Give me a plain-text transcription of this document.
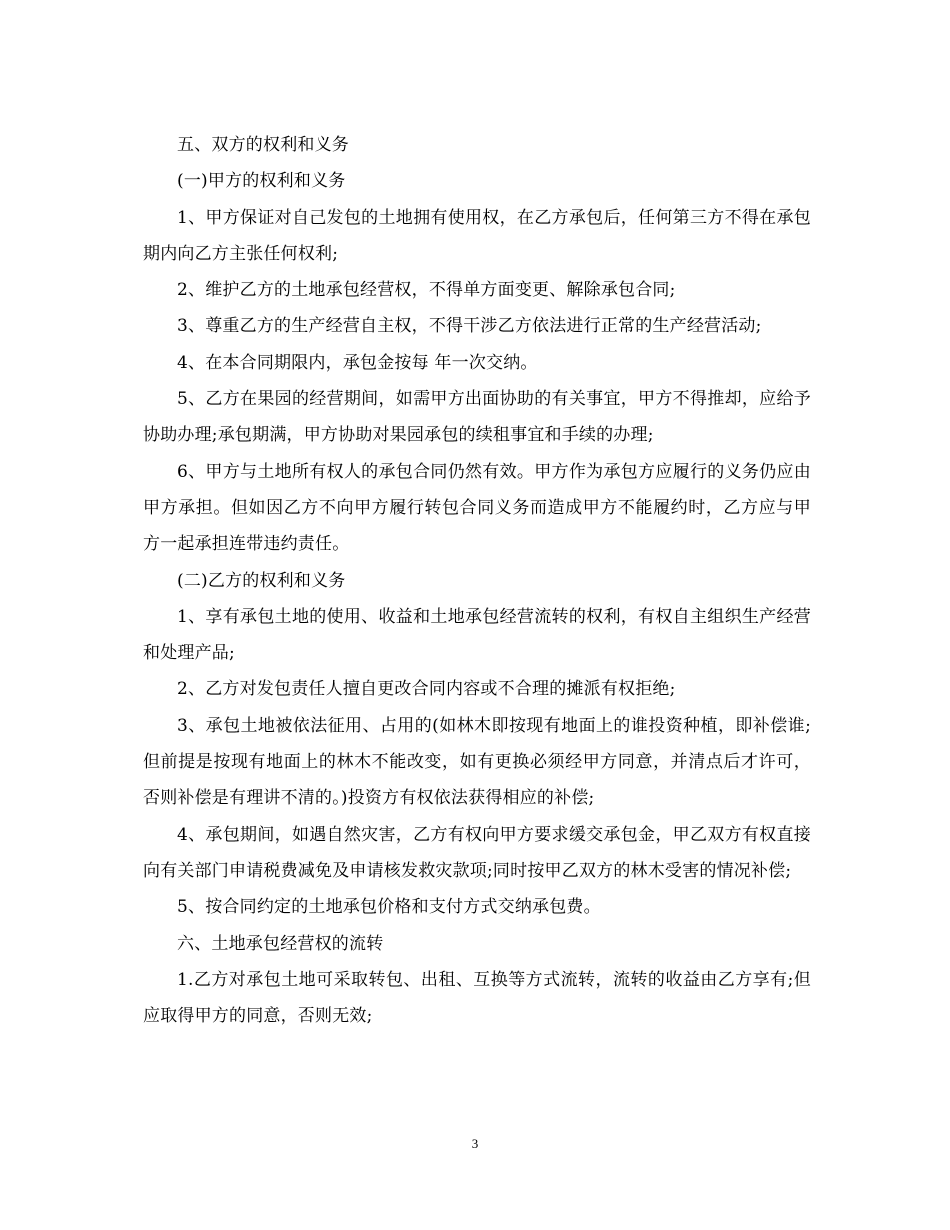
五、双方的权利和义务

(一)甲方的权利和义务

1、甲方保证对自己发包的土地拥有使用权，在乙方承包后，任何第三方不得在承包期内向乙方主张任何权利;

2、维护乙方的土地承包经营权，不得单方面变更、解除承包合同;

3、尊重乙方的生产经营自主权，不得干涉乙方依法进行正常的生产经营活动;

4、在本合同期限内，承包金按每 年一次交纳。

5、乙方在果园的经营期间，如需甲方出面协助的有关事宜，甲方不得推却，应给予协助办理;承包期满，甲方协助对果园承包的续租事宜和手续的办理;

6、甲方与土地所有权人的承包合同仍然有效。甲方作为承包方应履行的义务仍应由甲方承担。但如因乙方不向甲方履行转包合同义务而造成甲方不能履约时，乙方应与甲方一起承担连带违约责任。

(二)乙方的权利和义务

1、享有承包土地的使用、收益和土地承包经营流转的权利，有权自主组织生产经营和处理产品;

2、乙方对发包责任人擅自更改合同内容或不合理的摊派有权拒绝;

3、承包土地被依法征用、占用的(如林木即按现有地面上的谁投资种植，即补偿谁;但前提是按现有地面上的林木不能改变，如有更换必须经甲方同意，并清点后才许可，否则补偿是有理讲不清的。)投资方有权依法获得相应的补偿;

4、承包期间，如遇自然灾害，乙方有权向甲方要求缓交承包金，甲乙双方有权直接向有关部门申请税费减免及申请核发救灾款项;同时按甲乙双方的林木受害的情况补偿;

5、按合同约定的土地承包价格和支付方式交纳承包费。

六、土地承包经营权的流转

1.乙方对承包土地可采取转包、出租、互换等方式流转，流转的收益由乙方享有;但应取得甲方的同意，否则无效;

3
